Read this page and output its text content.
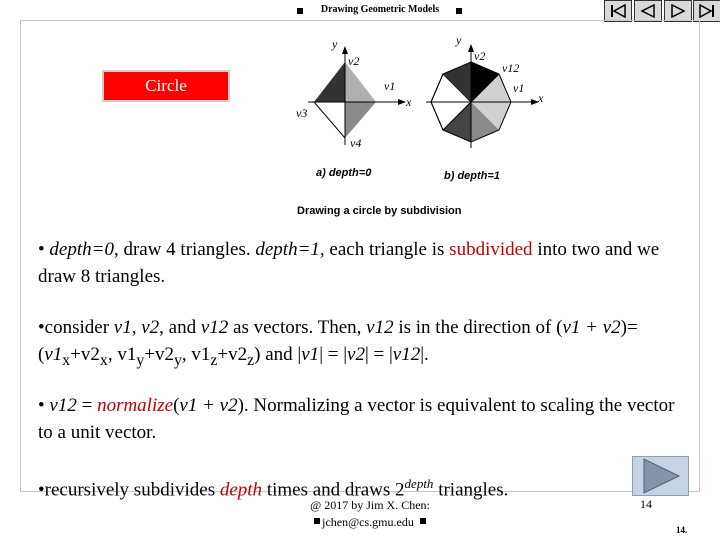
Drawing Geometric Models
Circle
y
v2
v1
v3
v4
x
y
v2
v12
v1
x
a) depth=0	b) depth=1
Drawing a circle by subdivision
• depth=0, draw 4 triangles. depth=1, each triangle is subdivided into two and we draw 8 triangles.
•consider v1, v2, and v12 as vectors. Then, v12 is in the direction of $(v1 + v2)=(v1_x+v2_x$, $v1_y+v2_y$, $v1_z+v2_z$) and |v1| = |v2| = |v12|.
• v12 = normalize(v1 + v2). Normalizing a vector is equivalent to scaling the vector to a unit vector.
•recursively subdivides depth times and draws $2^{depth}$ triangles.
@ 2017 by Jim X. Chen:
jchen@cs.gmu.edu
14
14.
